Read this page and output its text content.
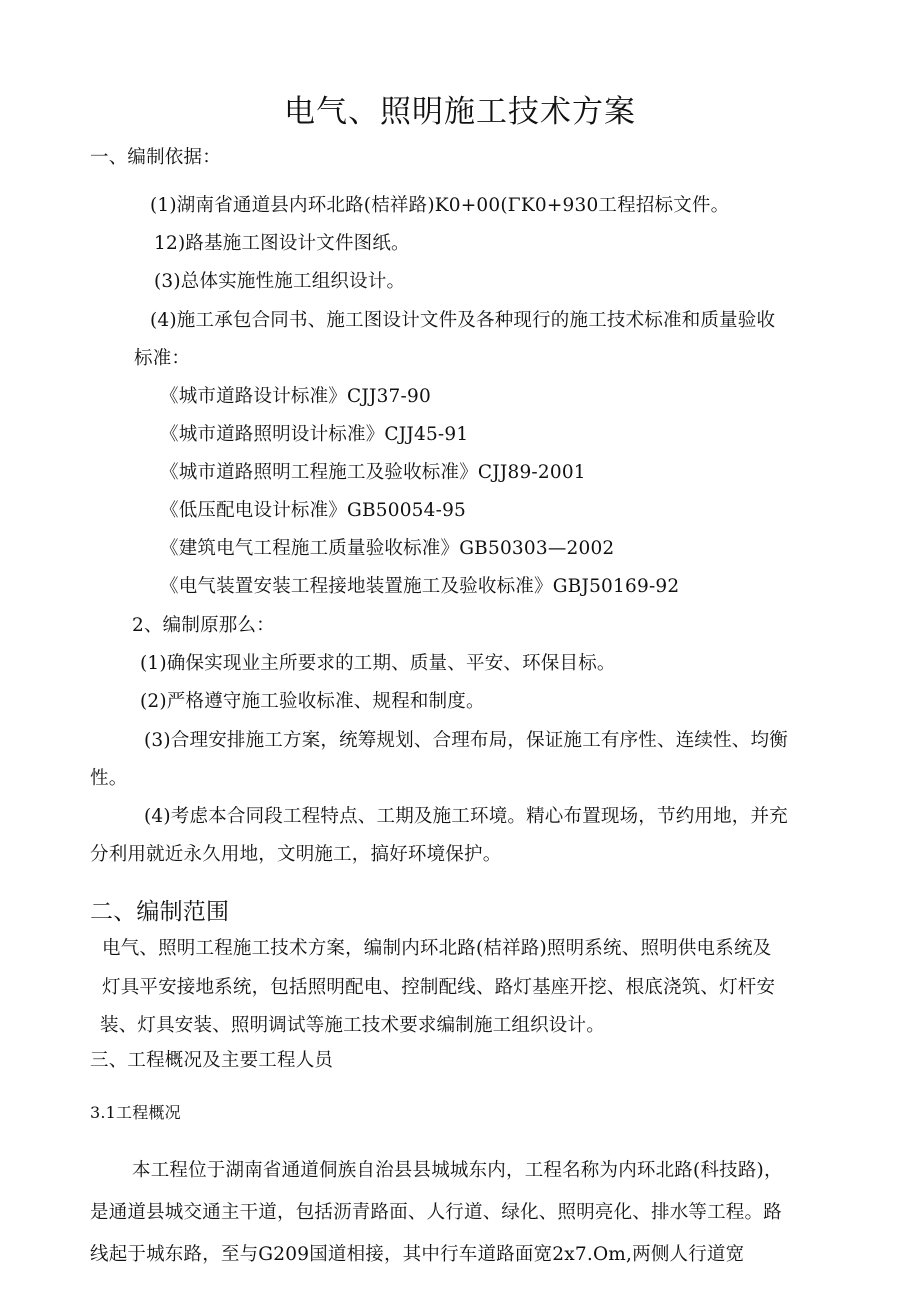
电气、照明施工技术方案
一、编制依据：
(1)湖南省通道县内环北路(桔祥路)K0+00(ΓK0+930工程招标文件。
12)路基施工图设计文件图纸。
(3)总体实施性施工组织设计。
(4)施工承包合同书、施工图设计文件及各种现行的施工技术标准和质量验收
标准：
《城市道路设计标准》CJJ37-90
《城市道路照明设计标准》CJJ45-91
《城市道路照明工程施工及验收标准》CJJ89-2001
《低压配电设计标准》GB50054-95
《建筑电气工程施工质量验收标准》GB50303—2002
《电气装置安装工程接地装置施工及验收标准》GBJ50169-92
2、编制原那么：
(1)确保实现业主所要求的工期、质量、平安、环保目标。
(2)严格遵守施工验收标准、规程和制度。
(3)合理安排施工方案，统筹规划、合理布局，保证施工有序性、连续性、均衡
性。
(4)考虑本合同段工程特点、工期及施工环境。精心布置现场，节约用地，并充
分利用就近永久用地，文明施工，搞好环境保护。
二、编制范围
电气、照明工程施工技术方案，编制内环北路(桔祥路)照明系统、照明供电系统及
灯具平安接地系统，包括照明配电、控制配线、路灯基座开挖、根底浇筑、灯杆安
装、灯具安装、照明调试等施工技术要求编制施工组织设计。
三、工程概况及主要工程人员
3.1工程概况
本工程位于湖南省通道侗族自治县县城城东内，工程名称为内环北路(科技路)，
是通道县城交通主干道，包括沥青路面、人行道、绿化、照明亮化、排水等工程。路
线起于城东路，至与G209国道相接，其中行车道路面宽2x7.Om,两侧人行道宽
